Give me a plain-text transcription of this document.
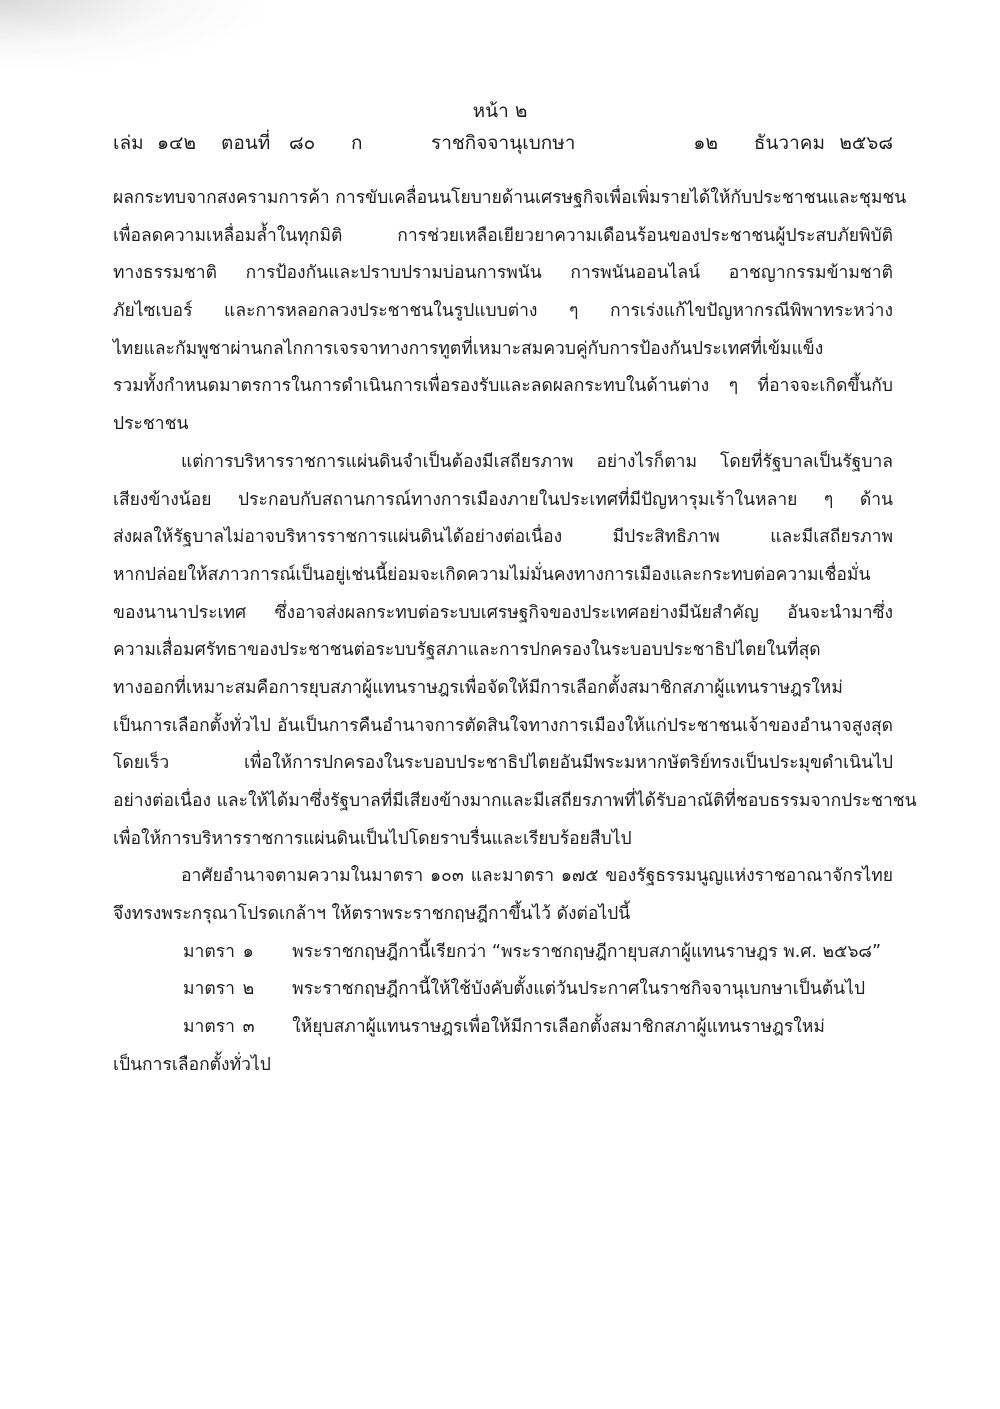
หน้า ๒
เล่ม ๑๔๒ ตอนที่ ๘๐ ก	ราชกิจจานุเบกษา	๑๒ ธันวาคม ๒๕๖๘
ผลกระทบจากสงครามการค้า การขับเคลื่อนนโยบายด้านเศรษฐกิจเพื่อเพิ่มรายได้ให้กับประชาชนและชุมชน
เพื่อลดความเหลื่อมล้ำในทุกมิติ การช่วยเหลือเยียวยาความเดือนร้อนของประชาชนผู้ประสบภัยพิบัติ
ทางธรรมชาติ การป้องกันและปราบปรามบ่อนการพนัน การพนันออนไลน์ อาชญากรรมข้ามชาติ
ภัยไซเบอร์ และการหลอกลวงประชาชนในรูปแบบต่าง ๆ การเร่งแก้ไขปัญหากรณีพิพาทระหว่าง
ไทยและกัมพูชาผ่านกลไกการเจรจาทางการทูตที่เหมาะสมควบคู่กับการป้องกันประเทศที่เข้มแข็ง
รวมทั้งกำหนดมาตรการในการดำเนินการเพื่อรองรับและลดผลกระทบในด้านต่าง ๆ ที่อาจจะเกิดขึ้นกับ
ประชาชน
แต่การบริหารราชการแผ่นดินจำเป็นต้องมีเสถียรภาพ อย่างไรก็ตาม โดยที่รัฐบาลเป็นรัฐบาล
เสียงข้างน้อย ประกอบกับสถานการณ์ทางการเมืองภายในประเทศที่มีปัญหารุมเร้าในหลาย ๆ ด้าน
ส่งผลให้รัฐบาลไม่อาจบริหารราชการแผ่นดินได้อย่างต่อเนื่อง มีประสิทธิภาพ และมีเสถียรภาพ
หากปล่อยให้สภาวการณ์เป็นอยู่เช่นนี้ย่อมจะเกิดความไม่มั่นคงทางการเมืองและกระทบต่อความเชื่อมั่น
ของนานาประเทศ ซึ่งอาจส่งผลกระทบต่อระบบเศรษฐกิจของประเทศอย่างมีนัยสำคัญ อันจะนำมาซึ่ง
ความเสื่อมศรัทธาของประชาชนต่อระบบรัฐสภาและการปกครองในระบอบประชาธิปไตยในที่สุด
ทางออกที่เหมาะสมคือการยุบสภาผู้แทนราษฎรเพื่อจัดให้มีการเลือกตั้งสมาชิกสภาผู้แทนราษฎรใหม่
เป็นการเลือกตั้งทั่วไป อันเป็นการคืนอำนาจการตัดสินใจทางการเมืองให้แก่ประชาชนเจ้าของอำนาจสูงสุด
โดยเร็ว เพื่อให้การปกครองในระบอบประชาธิปไตยอันมีพระมหากษัตริย์ทรงเป็นประมุขดำเนินไป
อย่างต่อเนื่อง และให้ได้มาซึ่งรัฐบาลที่มีเสียงข้างมากและมีเสถียรภาพที่ได้รับอาณัติที่ชอบธรรมจากประชาชน
เพื่อให้การบริหารราชการแผ่นดินเป็นไปโดยราบรื่นและเรียบร้อยสืบไป
อาศัยอำนาจตามความในมาตรา ๑๐๓ และมาตรา ๑๗๕ ของรัฐธรรมนูญแห่งราชอาณาจักรไทย
จึงทรงพระกรุณาโปรดเกล้าฯ ให้ตราพระราชกฤษฎีกาขึ้นไว้ ดังต่อไปนี้
มาตรา ๑ พระราชกฤษฎีกานี้เรียกว่า “พระราชกฤษฎีกายุบสภาผู้แทนราษฎร พ.ศ. ๒๕๖๘”
มาตรา ๒ พระราชกฤษฎีกานี้ให้ใช้บังคับตั้งแต่วันประกาศในราชกิจจานุเบกษาเป็นต้นไป
มาตรา ๓ ให้ยุบสภาผู้แทนราษฎรเพื่อให้มีการเลือกตั้งสมาชิกสภาผู้แทนราษฎรใหม่
เป็นการเลือกตั้งทั่วไป
